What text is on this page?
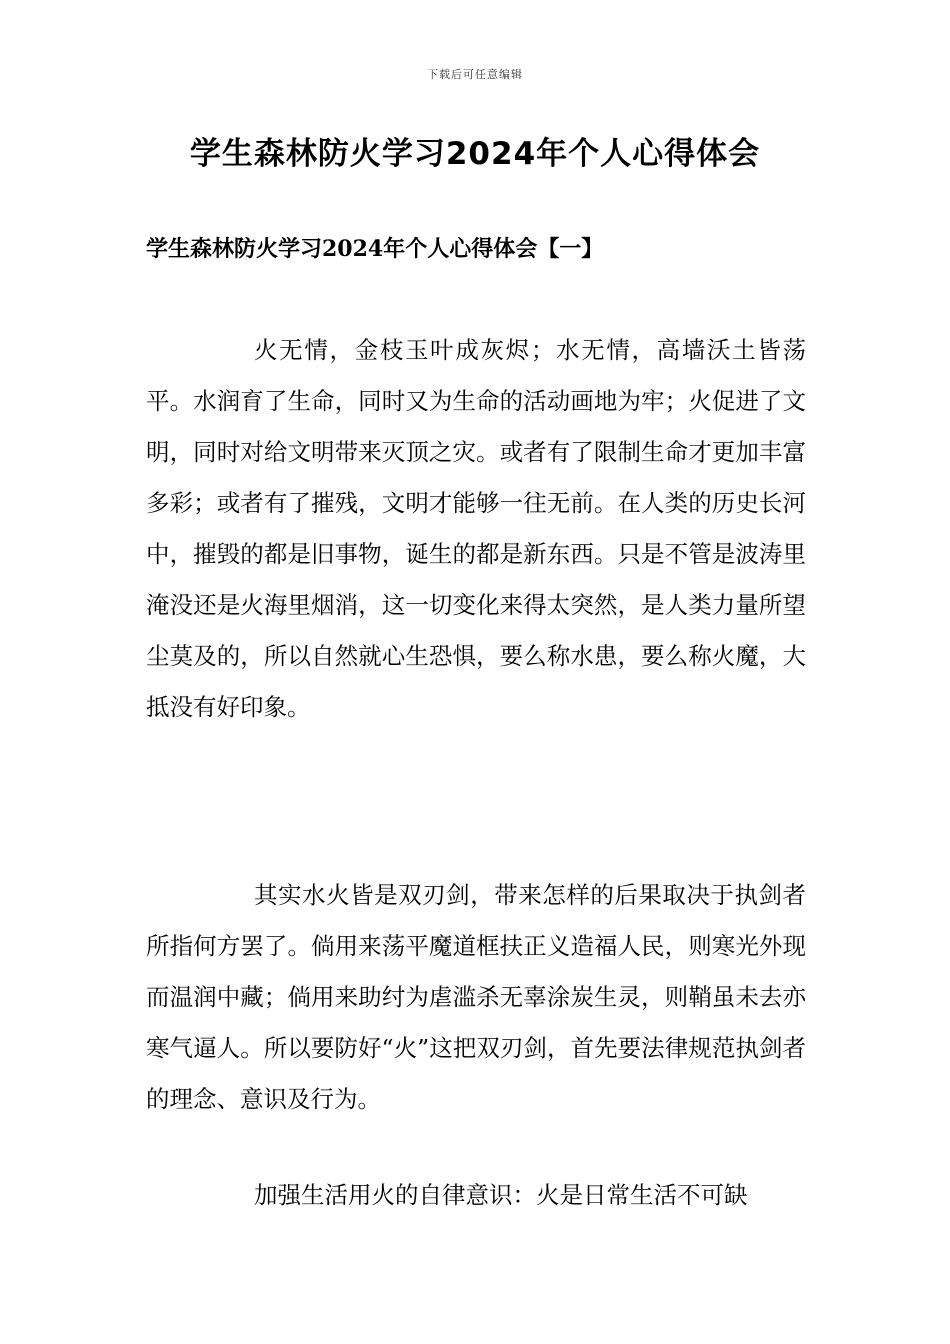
下载后可任意编辑
学生森林防火学习2024年个人心得体会
学生森林防火学习2024年个人心得体会【一】

火无情，金枝玉叶成灰烬；水无情，高墙沃土皆荡平。水润育了生命，同时又为生命的活动画地为牢；火促进了文明，同时对给文明带来灭顶之灾。或者有了限制生命才更加丰富多彩；或者有了摧残，文明才能够一往无前。在人类的历史长河中，摧毁的都是旧事物，诞生的都是新东西。只是不管是波涛里淹没还是火海里烟消，这一切变化来得太突然，是人类力量所望尘莫及的，所以自然就心生恐惧，要么称水患，要么称火魔，大抵没有好印象。

其实水火皆是双刃剑，带来怎样的后果取决于执剑者所指何方罢了。倘用来荡平魔道框扶正义造福人民，则寒光外现而温润中藏；倘用来助纣为虐滥杀无辜涂炭生灵，则鞘虽未去亦寒气逼人。所以要防好“火”这把双刃剑，首先要法律规范执剑者的理念、意识及行为。

加强生活用火的自律意识：火是日常生活不可缺
